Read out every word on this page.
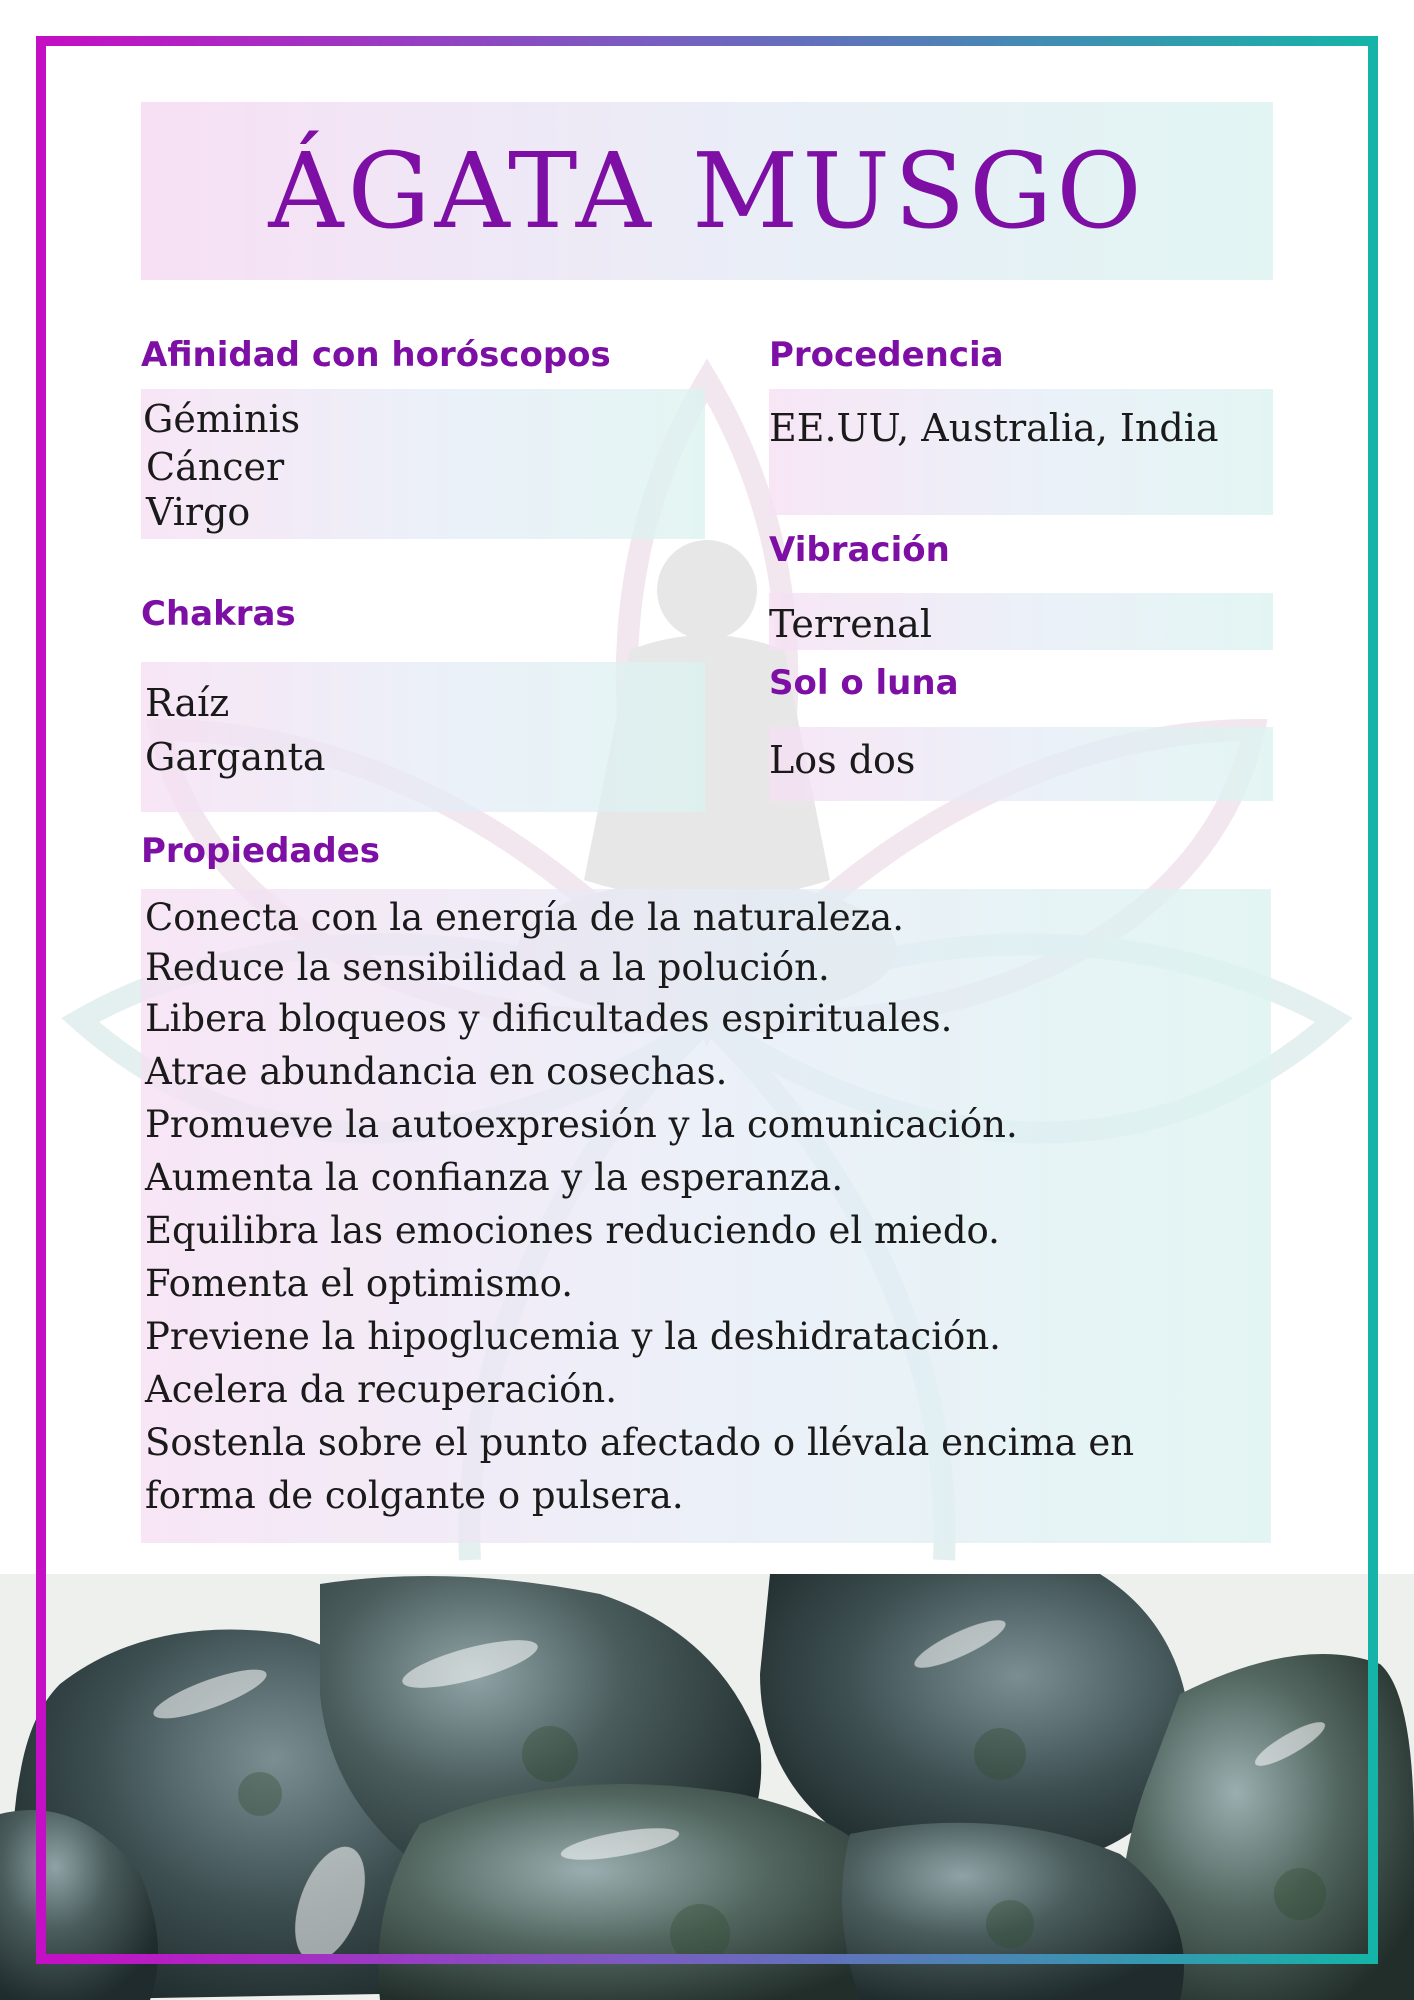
ÁGATA MUSGO
Afinidad con horóscopos
Géminis
Cáncer
Virgo
Chakras
Raíz
Garganta
Procedencia
EE.UU, Australia, India
Vibración
Terrenal
Sol o luna
Los dos
Propiedades
Conecta con la energía de la naturaleza.
Reduce la sensibilidad a la polución.
Libera bloqueos y dificultades espirituales.
Atrae abundancia en cosechas.
Promueve la autoexpresión y la comunicación.
Aumenta la confianza y la esperanza.
Equilibra las emociones reduciendo el miedo.
Fomenta el optimismo.
Previene la hipoglucemia y la deshidratación.
Acelera da recuperación.
Sostenla sobre el punto afectado o llévala encima en
forma de colgante o pulsera.
